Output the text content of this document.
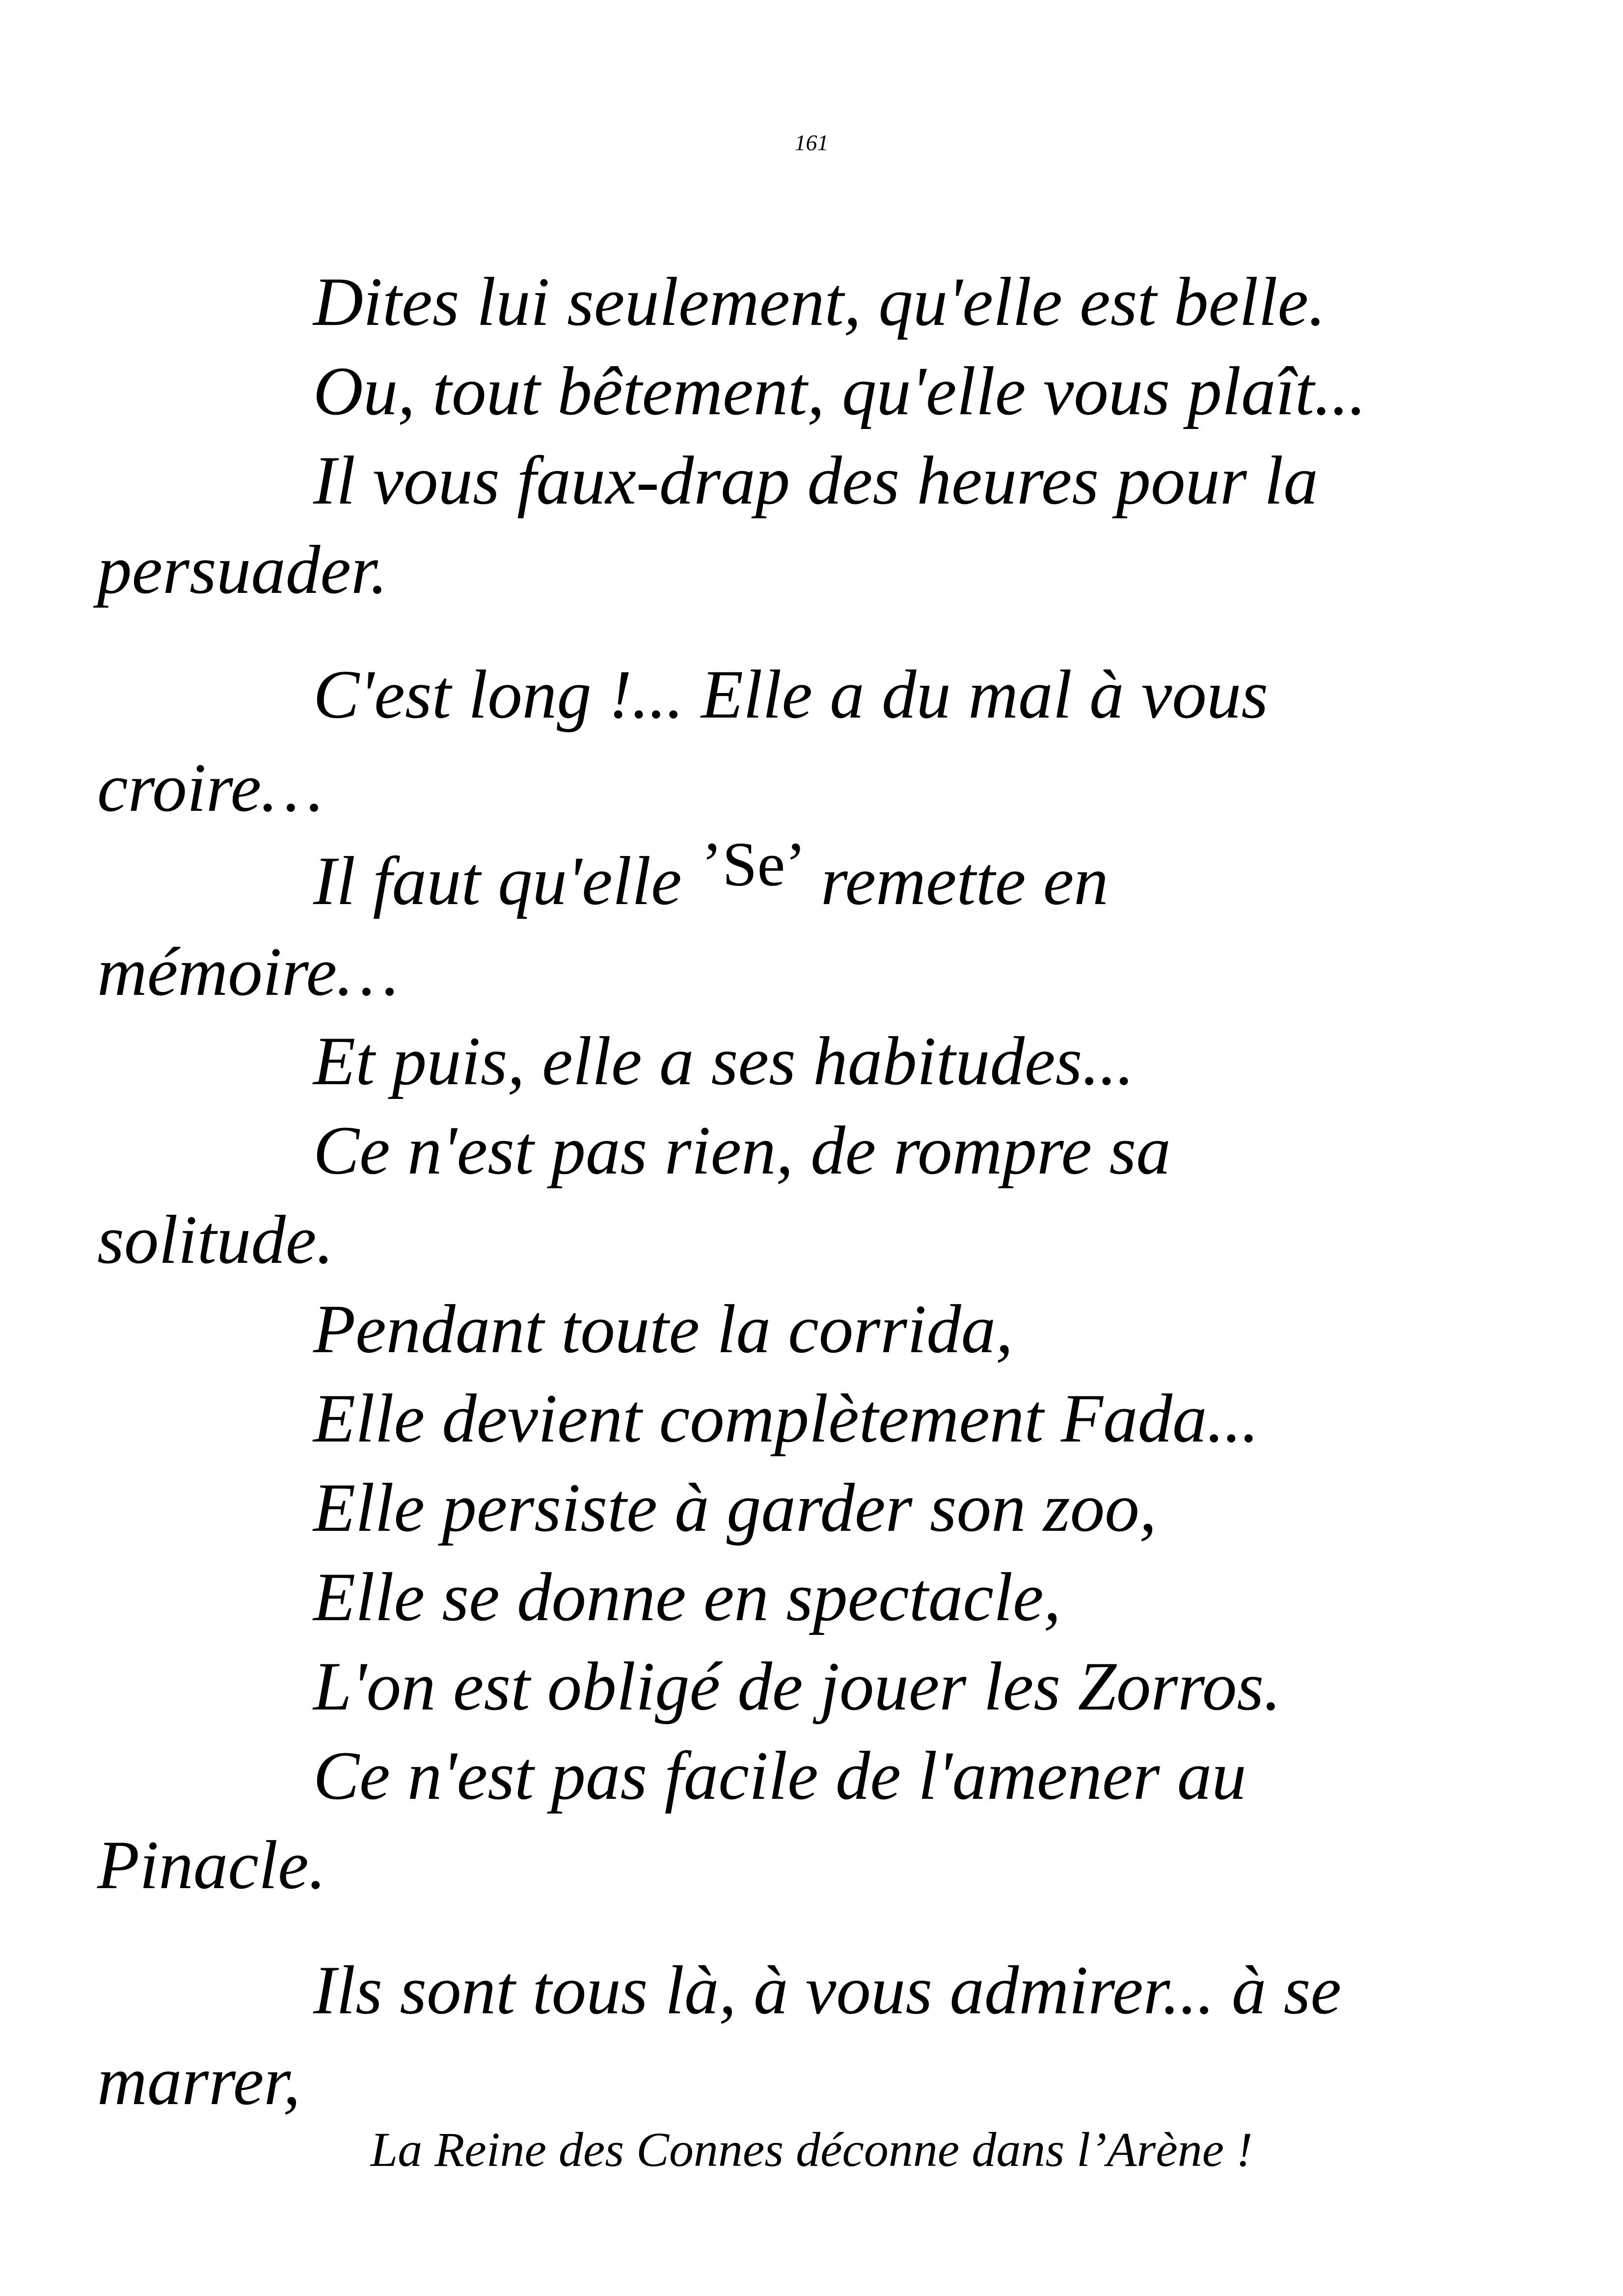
161
Dites lui seulement, qu'elle est belle.
Ou, tout bêtement, qu'elle vous plaît...
Il vous faux-drap des heures pour la
persuader.
C'est long !... Elle a du mal à vous
croire…
Il faut qu'elle ’Se’ remette en
mémoire…
Et puis, elle a ses habitudes...
Ce n'est pas rien, de rompre sa
solitude.
Pendant toute la corrida,
Elle devient complètement Fada...
Elle persiste à garder son zoo,
Elle se donne en spectacle,
L'on est obligé de jouer les Zorros.
Ce n'est pas facile de l'amener au
Pinacle.
Ils sont tous là, à vous admirer... à se
marrer,
La Reine des Connes déconne dans l’Arène !
